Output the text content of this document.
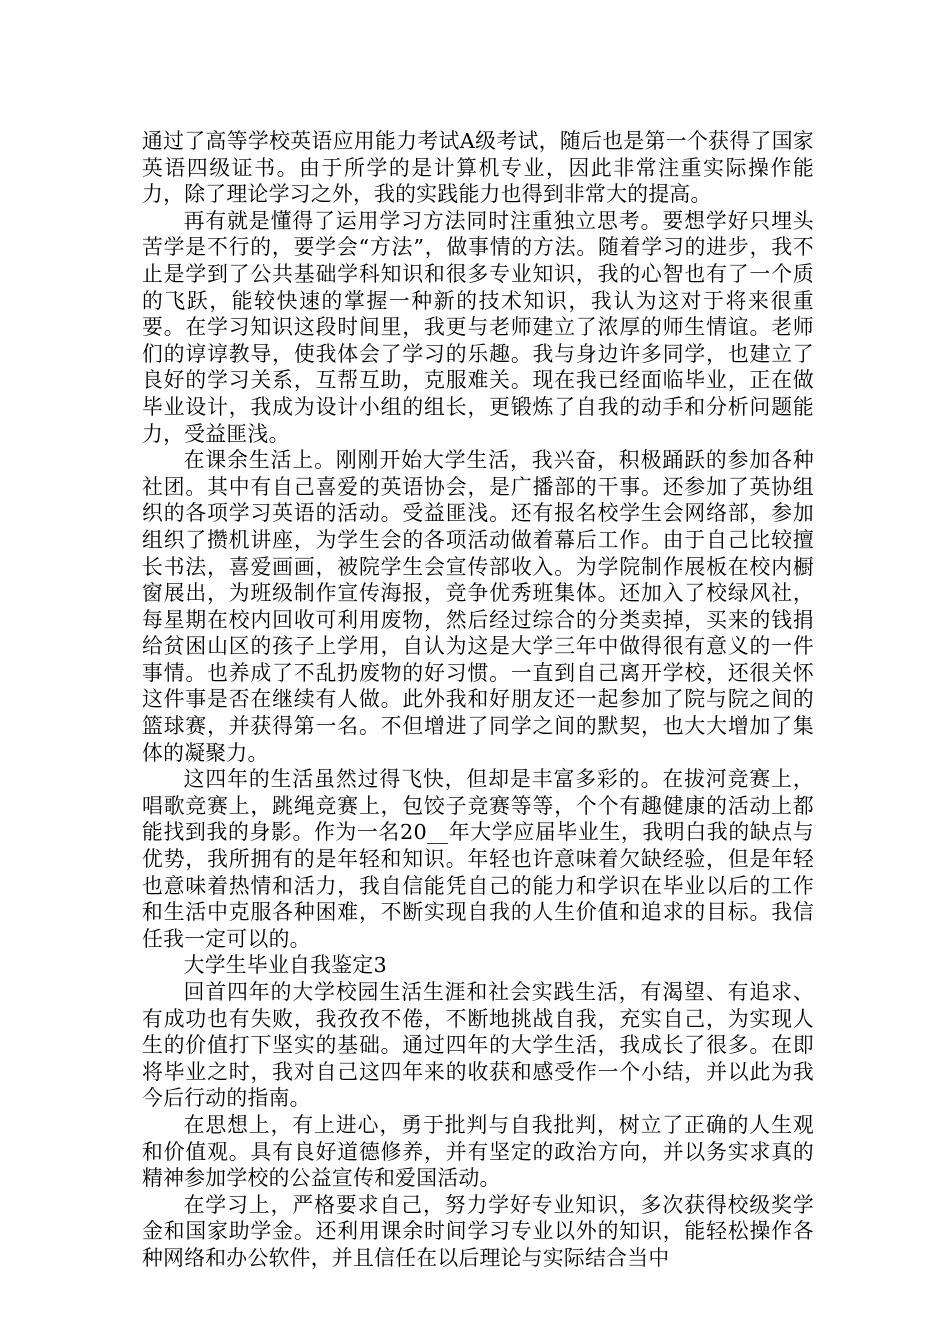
通过了高等学校英语应用能力考试A级考试，随后也是第一个获得了国家英语四级证书。由于所学的是计算机专业，因此非常注重实际操作能力，除了理论学习之外，我的实践能力也得到非常大的提高。

再有就是懂得了运用学习方法同时注重独立思考。要想学好只埋头苦学是不行的，要学会“方法”，做事情的方法。随着学习的进步，我不止是学到了公共基础学科知识和很多专业知识，我的心智也有了一个质的飞跃，能较快速的掌握一种新的技术知识，我认为这对于将来很重要。在学习知识这段时间里，我更与老师建立了浓厚的师生情谊。老师们的谆谆教导，使我体会了学习的乐趣。我与身边许多同学，也建立了良好的学习关系，互帮互助，克服难关。现在我已经面临毕业，正在做毕业设计，我成为设计小组的组长，更锻炼了自我的动手和分析问题能力，受益匪浅。

在课余生活上。刚刚开始大学生活，我兴奋，积极踊跃的参加各种社团。其中有自己喜爱的英语协会，是广播部的干事。还参加了英协组织的各项学习英语的活动。受益匪浅。还有报名校学生会网络部，参加组织了攒机讲座，为学生会的各项活动做着幕后工作。由于自己比较擅长书法，喜爱画画，被院学生会宣传部收入。为学院制作展板在校内橱窗展出，为班级制作宣传海报，竞争优秀班集体。还加入了校绿风社，每星期在校内回收可利用废物，然后经过综合的分类卖掉，买来的钱捐给贫困山区的孩子上学用，自认为这是大学三年中做得很有意义的一件事情。也养成了不乱扔废物的好习惯。一直到自己离开学校，还很关怀这件事是否在继续有人做。此外我和好朋友还一起参加了院与院之间的篮球赛，并获得第一名。不但增进了同学之间的默契，也大大增加了集体的凝聚力。

这四年的生活虽然过得飞快，但却是丰富多彩的。在拔河竞赛上，唱歌竞赛上，跳绳竞赛上，包饺子竞赛等等，个个有趣健康的活动上都能找到我的身影。作为一名20__年大学应届毕业生，我明白我的缺点与优势，我所拥有的是年轻和知识。年轻也许意味着欠缺经验，但是年轻也意味着热情和活力，我自信能凭自己的能力和学识在毕业以后的工作和生活中克服各种困难，不断实现自我的人生价值和追求的目标。我信任我一定可以的。

大学生毕业自我鉴定3

回首四年的大学校园生活生涯和社会实践生活，有渴望、有追求、有成功也有失败，我孜孜不倦，不断地挑战自我，充实自己，为实现人生的价值打下坚实的基础。通过四年的大学生活，我成长了很多。在即将毕业之时，我对自己这四年来的收获和感受作一个小结，并以此为我今后行动的指南。

在思想上，有上进心，勇于批判与自我批判，树立了正确的人生观和价值观。具有良好道德修养，并有坚定的政治方向，并以务实求真的精神参加学校的公益宣传和爱国活动。

在学习上，严格要求自己，努力学好专业知识，多次获得校级奖学金和国家助学金。还利用课余时间学习专业以外的知识，能轻松操作各种网络和办公软件，并且信任在以后理论与实际结合当中
